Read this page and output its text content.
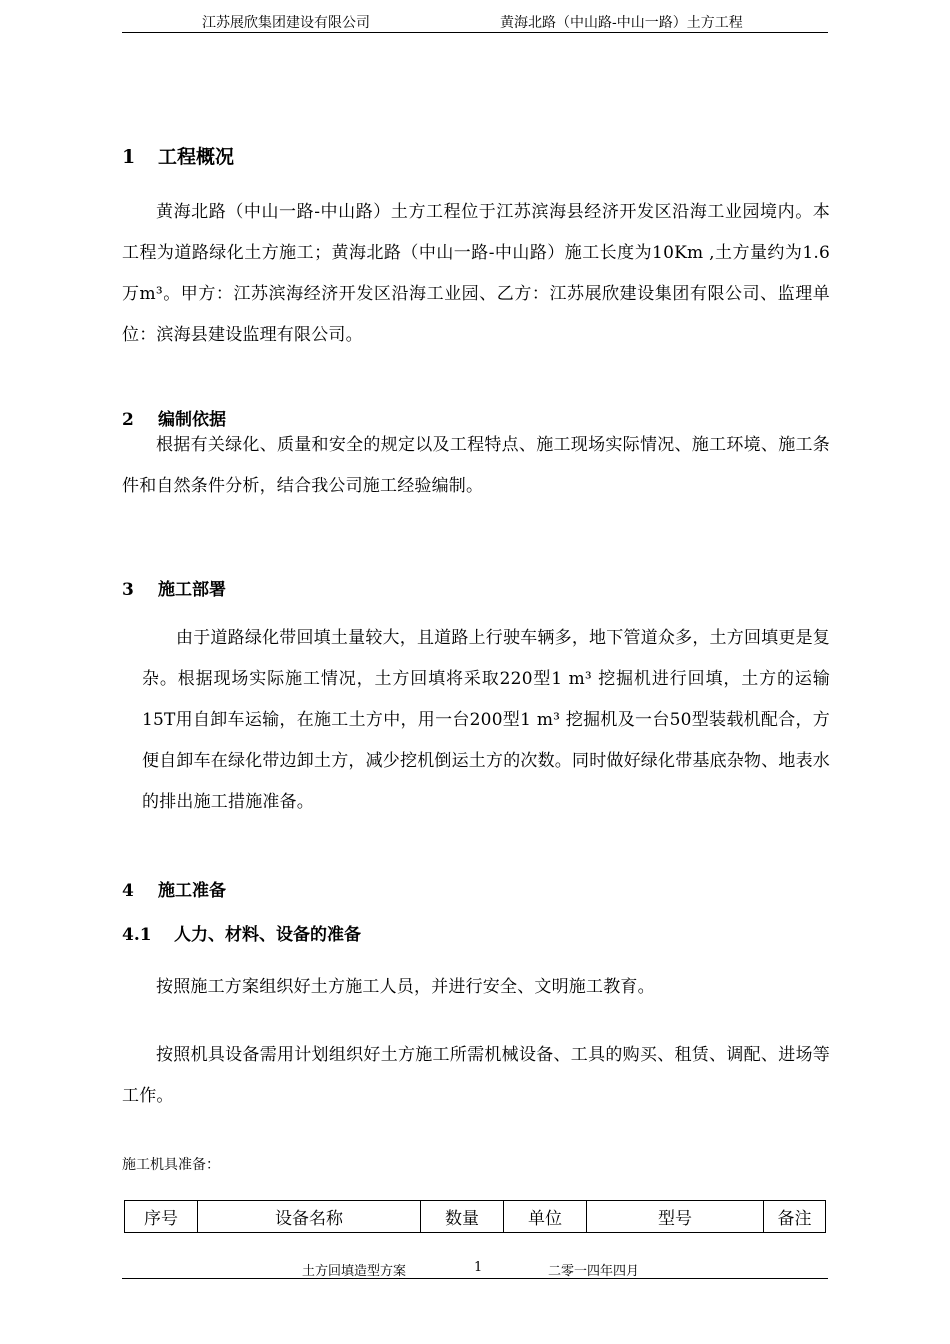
江苏展欣集团建设有限公司	黄海北路（中山路-中山一路）土方工程
1 工程概况
黄海北路（中山一路-中山路）土方工程位于江苏滨海县经济开发区沿海工业园境内。本工程为道路绿化土方施工；黄海北路（中山一路-中山路）施工长度为10Km ,土方量约为1.6万m³。甲方：江苏滨海经济开发区沿海工业园、乙方：江苏展欣建设集团有限公司、监理单位：滨海县建设监理有限公司。
2 编制依据
根据有关绿化、质量和安全的规定以及工程特点、施工现场实际情况、施工环境、施工条件和自然条件分析，结合我公司施工经验编制。
3 施工部署
由于道路绿化带回填土量较大，且道路上行驶车辆多，地下管道众多，土方回填更是复杂。根据现场实际施工情况，土方回填将采取220型1 m³ 挖掘机进行回填，土方的运输15T用自卸车运输，在施工土方中，用一台200型1 m³ 挖掘机及一台50型装载机配合，方便自卸车在绿化带边卸土方，减少挖机倒运土方的次数。同时做好绿化带基底杂物、地表水的排出施工措施准备。
4 施工准备
4.1 人力、材料、设备的准备
按照施工方案组织好土方施工人员，并进行安全、文明施工教育。
按照机具设备需用计划组织好土方施工所需机械设备、工具的购买、租赁、调配、进场等工作。
施工机具准备：
序号	设备名称	数量	单位	型号	备注
土方回填造型方案	1	二零一四年四月
